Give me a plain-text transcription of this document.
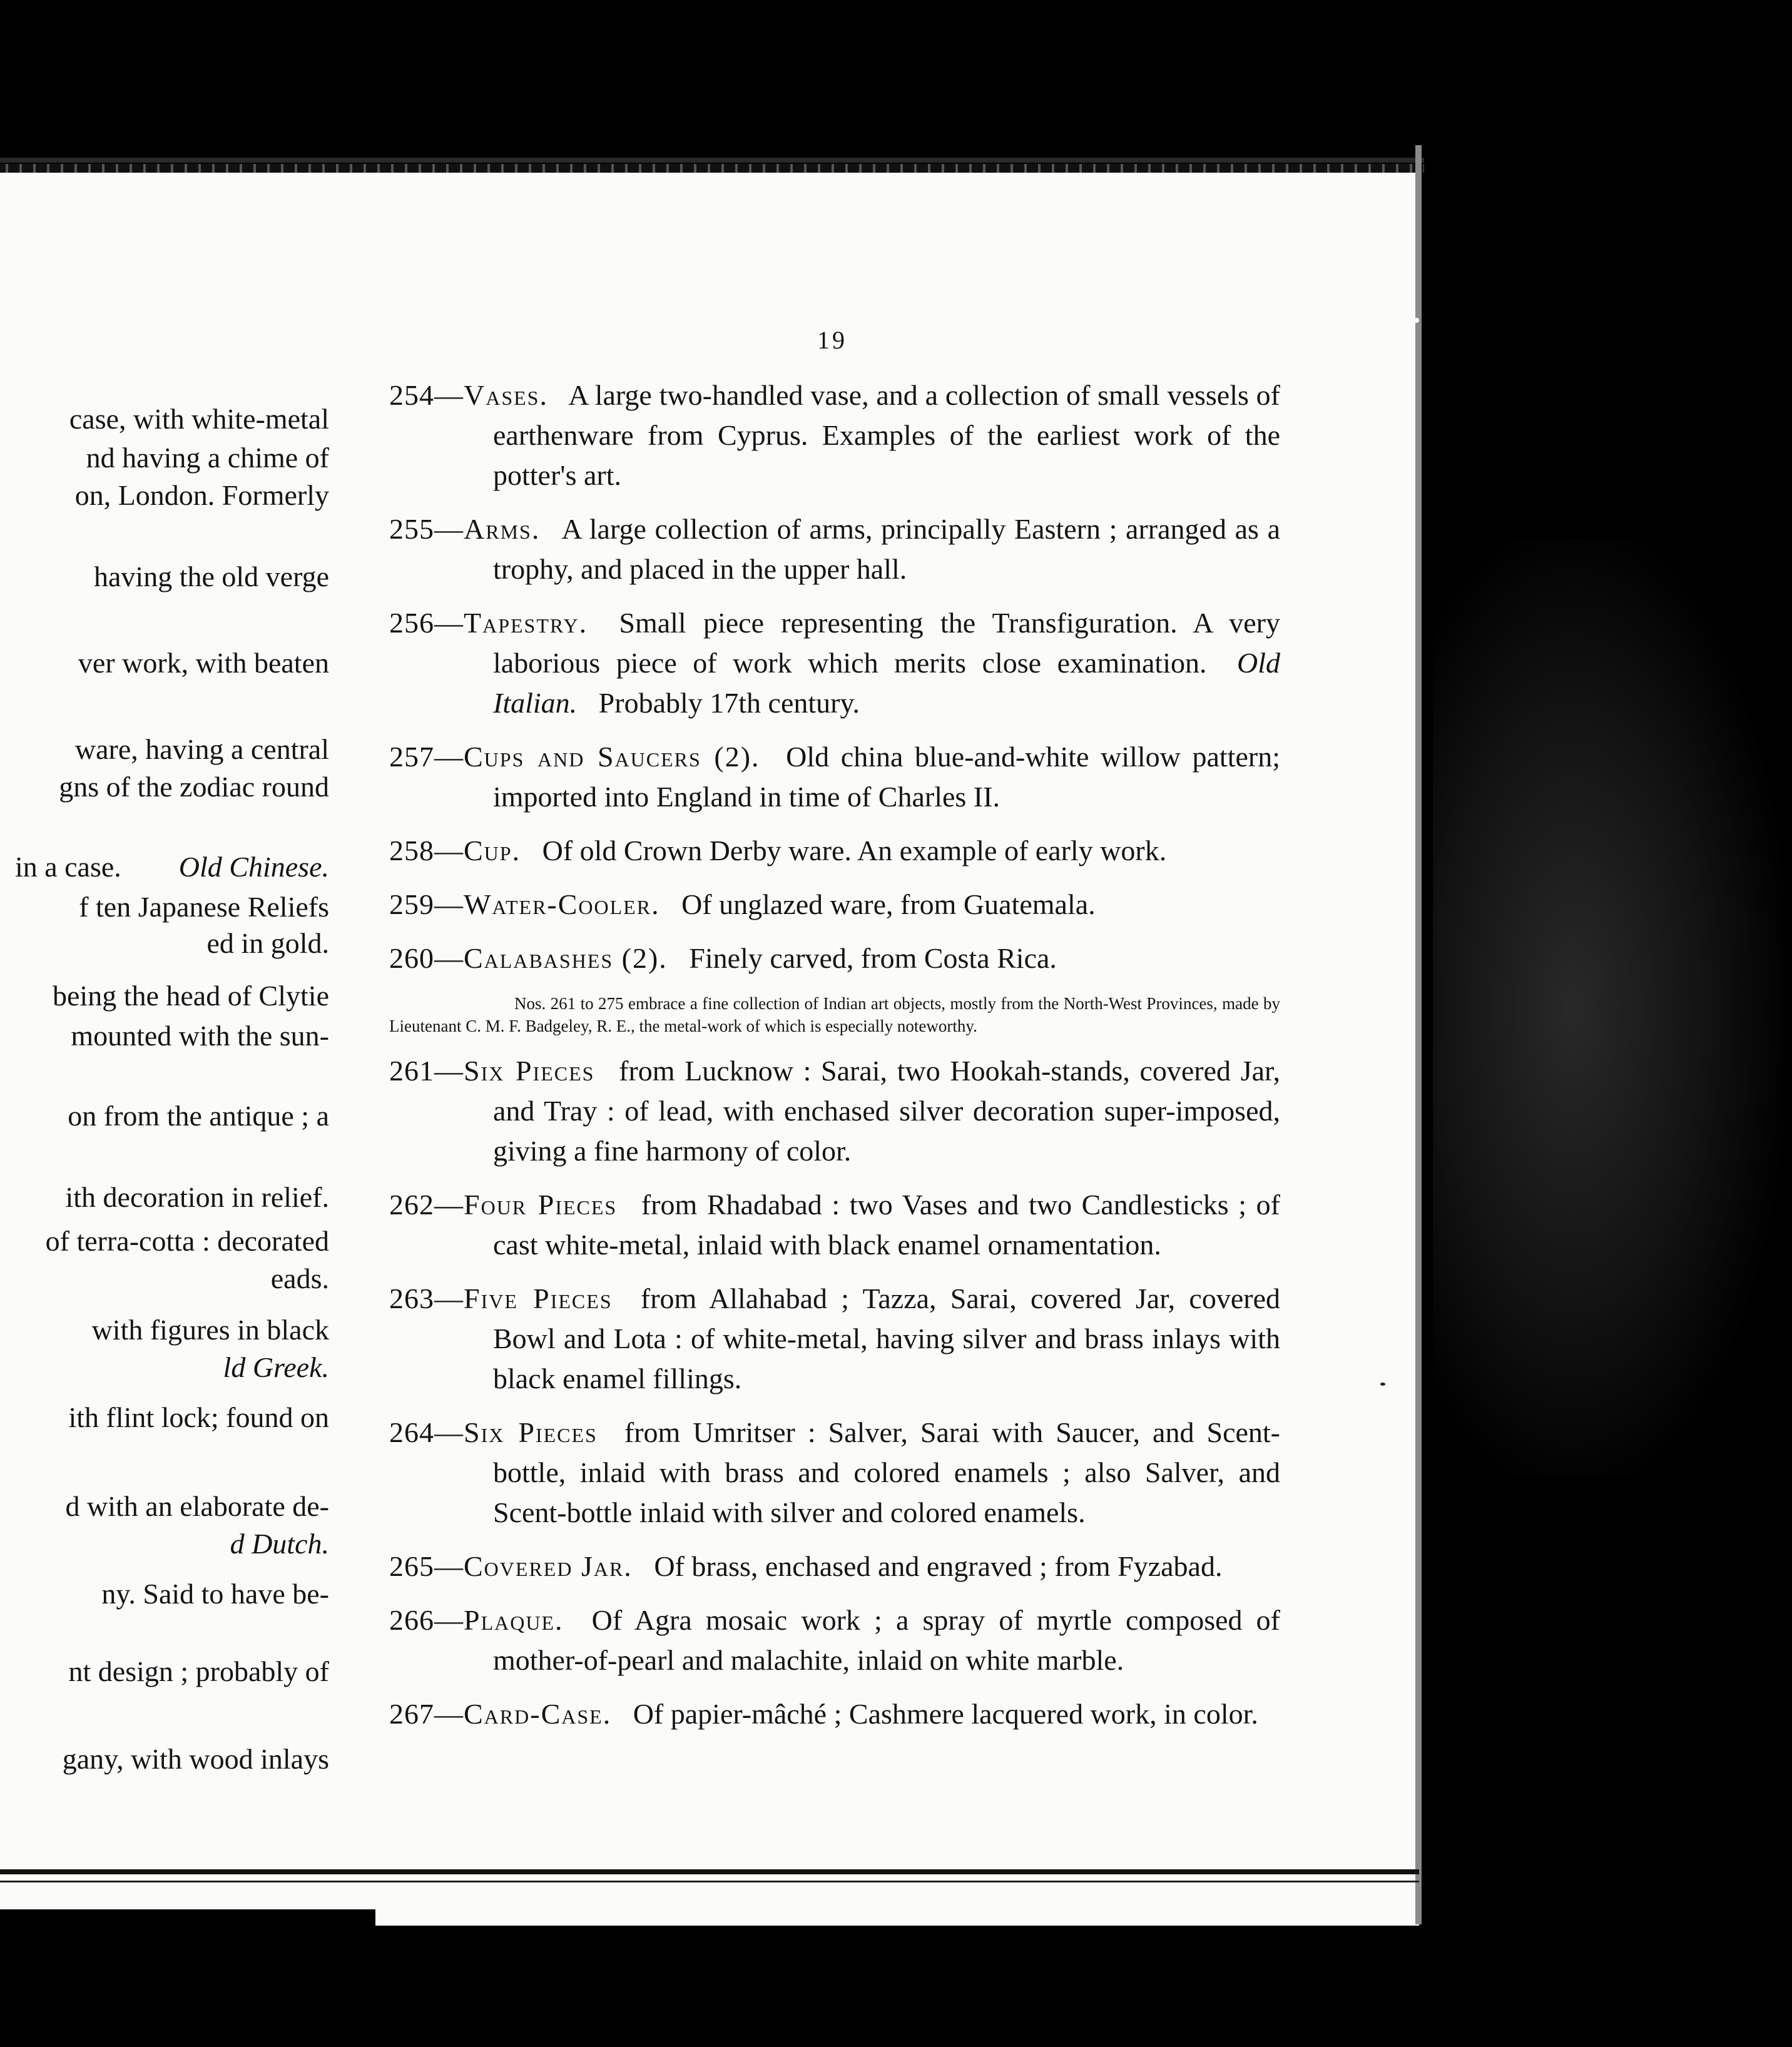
19
case, with white-metal
nd having a chime of
on, London. Formerly
having the old verge
ver work, with beaten
ware, having a central
gns of the zodiac round
in a case.   Old Chinese.
f ten Japanese Reliefs
ed in gold.
being the head of Clytie
mounted with the sun-
on from the antique ; a
ith decoration in relief.
of terra-cotta : decorated
eads.
with figures in black
ld Greek.
ith flint lock; found on
d with an elaborate de-
d Dutch.
ny. Said to have be-
nt design ; probably of
gany, with wood inlays
254—Vases.  A large two-handled vase, and a collection of small vessels of earthenware from Cyprus. Examples of the earliest work of the potter's art.
255—Arms.  A large collection of arms, principally Eastern ; arranged as a trophy, and placed in the upper hall.
256—Tapestry.  Small piece representing the Transfiguration. A very laborious piece of work which merits close examination.  Old Italian.  Probably 17th century.
257—Cups and Saucers (2).  Old china blue-and-white willow pattern; imported into England in time of Charles II.
258—Cup.  Of old Crown Derby ware. An example of early work.
259—Water-Cooler.  Of unglazed ware, from Guatemala.
260—Calabashes (2).  Finely carved, from Costa Rica.
Nos. 261 to 275 embrace a fine collection of Indian art objects, mostly from the North-West Provinces, made by Lieutenant C. M. F. Badgeley, R. E., the metal-work of which is especially noteworthy.
261—Six Pieces  from Lucknow : Sarai, two Hookah-stands, covered Jar, and Tray : of lead, with enchased silver decoration super-imposed, giving a fine harmony of color.
262—Four Pieces  from Rhadabad : two Vases and two Candlesticks ; of cast white-metal, inlaid with black enamel ornamentation.
263—Five Pieces  from Allahabad ; Tazza, Sarai, covered Jar, covered Bowl and Lota : of white-metal, having silver and brass inlays with black enamel fillings.
264—Six Pieces  from Umritser : Salver, Sarai with Saucer, and Scent-bottle, inlaid with brass and colored enamels ; also Salver, and Scent-bottle inlaid with silver and colored enamels.
265—Covered Jar.  Of brass, enchased and engraved ; from Fyzabad.
266—Plaque.  Of Agra mosaic work ; a spray of myrtle composed of mother-of-pearl and malachite, inlaid on white marble.
267—Card-Case.  Of papier-mâché ; Cashmere lacquered work, in color.
